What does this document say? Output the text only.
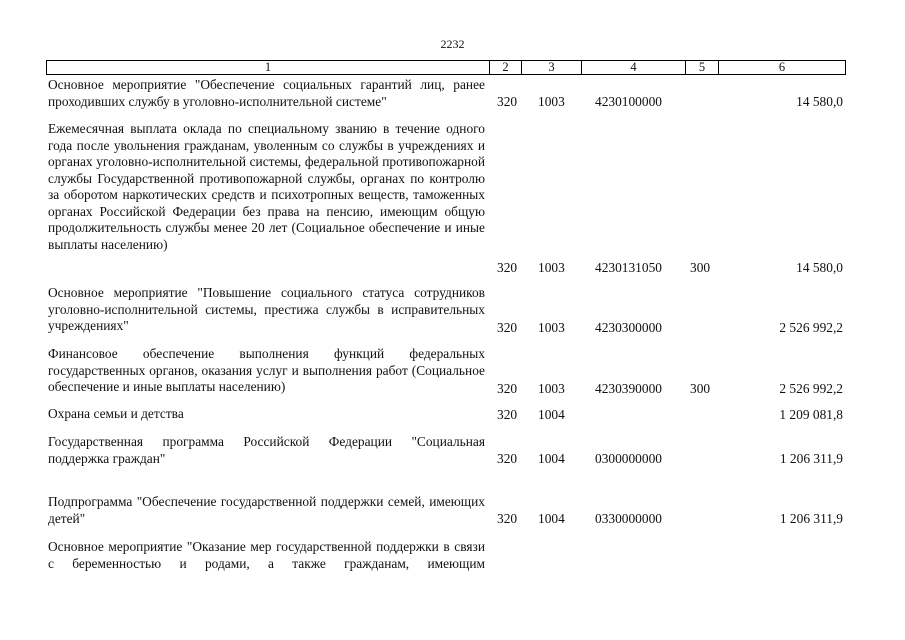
2232
1	2	3	4	5	6
Основное мероприятие "Обеспечение социальных гарантий лиц, ранее проходивших службу в уголовно-исполнительной системе"	320 1003 4230100000	14 580,0
Ежемесячная выплата оклада по специальному званию в течение одного года после увольнения гражданам, уволенным со службы в учреждениях и органах уголовно-исполнительной системы, федеральной противопожарной службы Государственной противопожарной службы, органах по контролю за оборотом наркотических средств и психотропных веществ, таможенных органах Российской Федерации без права на пенсию, имеющим общую продолжительность службы менее 20 лет (Социальное обеспечение и иные выплаты населению)
320 1003 4230131050 300	14 580,0
Основное мероприятие "Повышение социального статуса сотрудников уголовно-исполнительной системы, престижа службы в исправительных учреждениях"	320 1003 4230300000	2 526 992,2
Финансовое обеспечение выполнения функций федеральных государственных органов, оказания услуг и выполнения работ (Социальное обеспечение и иные выплаты населению)	320 1003 4230390000 300	2 526 992,2
Охрана семьи и детства	320 1004	1 209 081,8
Государственная программа Российской Федерации "Социальная поддержка граждан"	320 1004 0300000000	1 206 311,9
Подпрограмма "Обеспечение государственной поддержки семей, имеющих детей"	320 1004 0330000000	1 206 311,9
Основное мероприятие "Оказание мер государственной поддержки в связи с беременностью и родами, а также гражданам, имеющим
